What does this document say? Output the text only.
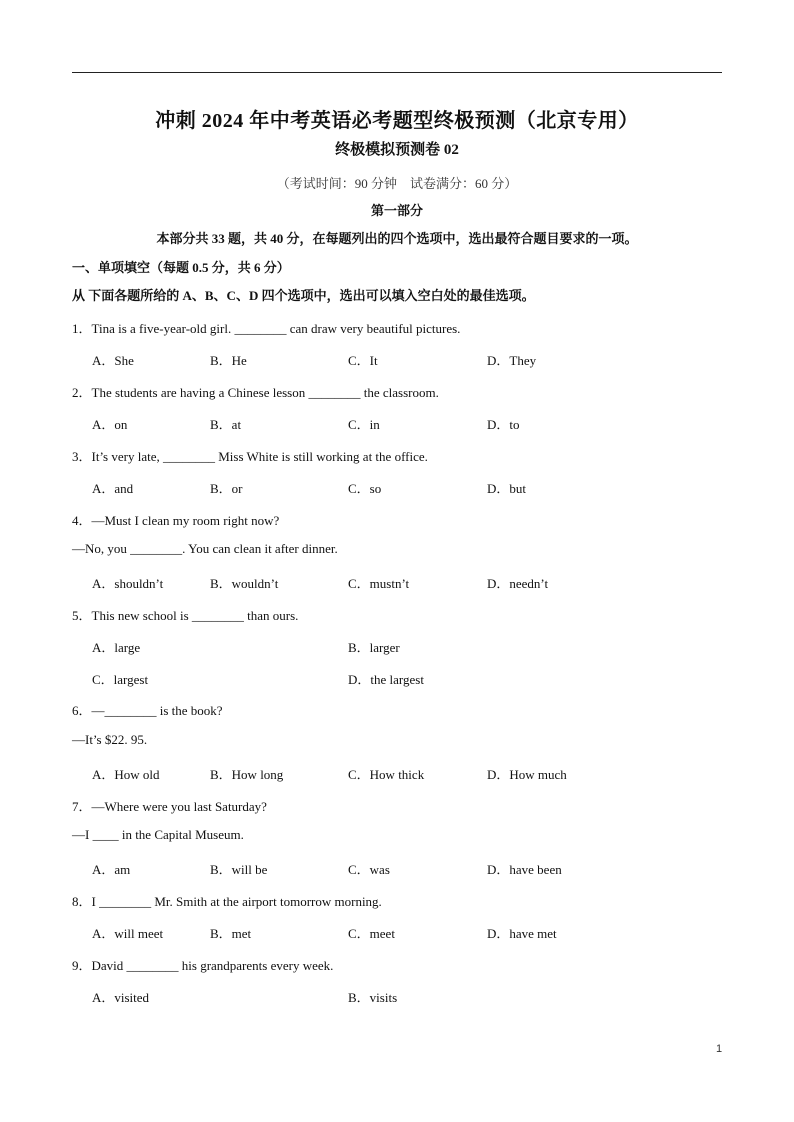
冲刺 2024 年中考英语必考题型终极预测（北京专用）
终极模拟预测卷 02
（考试时间：90 分钟　试卷满分：60 分）
第一部分
本部分共 33 题，共 40 分，在每题列出的四个选项中，选出最符合题目要求的一项。
一、单项填空（每题 0.5 分，共 6 分）
从 下面各题所给的 A、B、C、D 四个选项中，选出可以填入空白处的最佳选项。
1．Tina is a five-year-old girl. ________ can draw very beautiful pictures.
A．She	B．He	C．It	D．They
2．The students are having a Chinese lesson ________ the classroom.
A．on	B．at	C．in	D．to
3．It’s very late, ________ Miss White is still working at the office.
A．and	B．or	C．so	D．but
4．—Must I clean my room right now?
—No, you ________. You can clean it after dinner.
A．shouldn’t	B．wouldn’t	C．mustn’t	D．needn’t
5．This new school is ________ than ours.
A．large	B．larger
C．largest	D．the largest
6．—________ is the book?
—It’s $22. 95.
A．How old	B．How long	C．How thick	D．How much
7．—Where were you last Saturday?
—I ____ in the Capital Museum.
A．am	B．will be	C．was	D．have been
8．I ________ Mr. Smith at the airport tomorrow morning.
A．will meet	B．met	C．meet	D．have met
9．David ________ his grandparents every week.
A．visited	B．visits
1
